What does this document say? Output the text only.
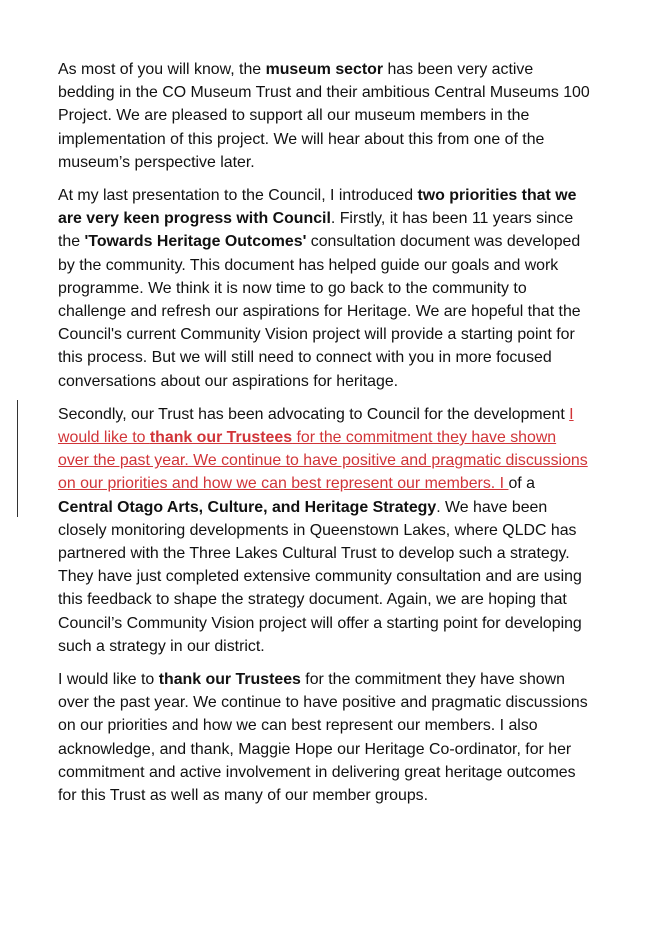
As most of you will know, the museum sector has been very active bedding in the CO Museum Trust and their ambitious Central Museums 100 Project. We are pleased to support all our museum members in the implementation of this project. We will hear about this from one of the museum’s perspective later.

At my last presentation to the Council, I introduced two priorities that we are very keen progress with Council. Firstly, it has been 11 years since the 'Towards Heritage Outcomes' consultation document was developed by the community. This document has helped guide our goals and work programme. We think it is now time to go back to the community to challenge and refresh our aspirations for Heritage. We are hopeful that the Council's current Community Vision project will provide a starting point for this process. But we will still need to connect with you in more focused conversations about our aspirations for heritage.

Secondly, our Trust has been advocating to Council for the development I would like to thank our Trustees for the commitment they have shown over the past year. We continue to have positive and pragmatic discussions on our priorities and how we can best represent our members. I of a Central Otago Arts, Culture, and Heritage Strategy. We have been closely monitoring developments in Queenstown Lakes, where QLDC has partnered with the Three Lakes Cultural Trust to develop such a strategy. They have just completed extensive community consultation and are using this feedback to shape the strategy document. Again, we are hoping that Council’s Community Vision project will offer a starting point for developing such a strategy in our district.

I would like to thank our Trustees for the commitment they have shown over the past year. We continue to have positive and pragmatic discussions on our priorities and how we can best represent our members. I also acknowledge, and thank, Maggie Hope our Heritage Co-ordinator, for her commitment and active involvement in delivering great heritage outcomes for this Trust as well as many of our member groups.
